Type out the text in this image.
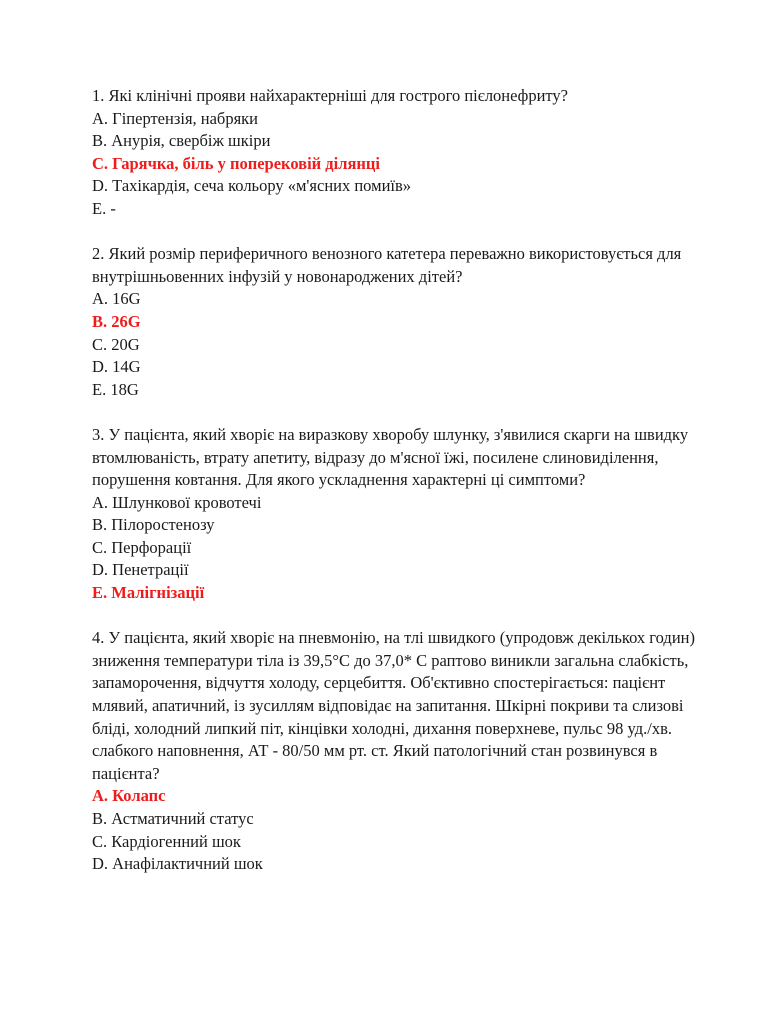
1. Які клінічні прояви найхарактерніші для гострого пієлонефриту?
A. Гіпертензія, набряки
B. Анурія, свербіж шкіри
C. Гарячка, біль у поперековій ділянці
D. Тахікардія, сеча кольору «м'ясних помиїв»
E. -
2. Який розмір периферичного венозного катетера переважно використовується для внутрішньовенних інфузій у новонароджених дітей?
A. 16G
B. 26G
C. 20G
D. 14G
E. 18G
3. У пацієнта, який хворіє на виразкову хворобу шлунку, з'явилися скарги на швидку втомлюваність, втрату апетиту, відразу до м'ясної їжі, посилене слиновиділення, порушення ковтання. Для якого ускладнення характерні ці симптоми?
A. Шлункової кровотечі
B. Пілоростенозу
C. Перфорації
D. Пенетрації
E. Малігнізації
4. У пацієнта, який хворіє на пневмонію, на тлі швидкого (упродовж декількох годин) зниження температури тіла із 39,5°С до 37,0* С раптово виникли загальна слабкість, запаморочення, відчуття холоду, серцебиття. Об'єктивно спостерігається: пацієнт млявий, апатичний, із зусиллям відповідає на запитання. Шкірні покриви та слизові бліді, холодний липкий піт, кінцівки холодні, дихання поверхневе, пульс 98 уд./хв. слабкого наповнення, АТ - 80/50 мм рт. ст. Який патологічний стан розвинувся в пацієнта?
A. Колапс
B. Астматичний статус
C. Кардіогенний шок
D. Анафілактичний шок
